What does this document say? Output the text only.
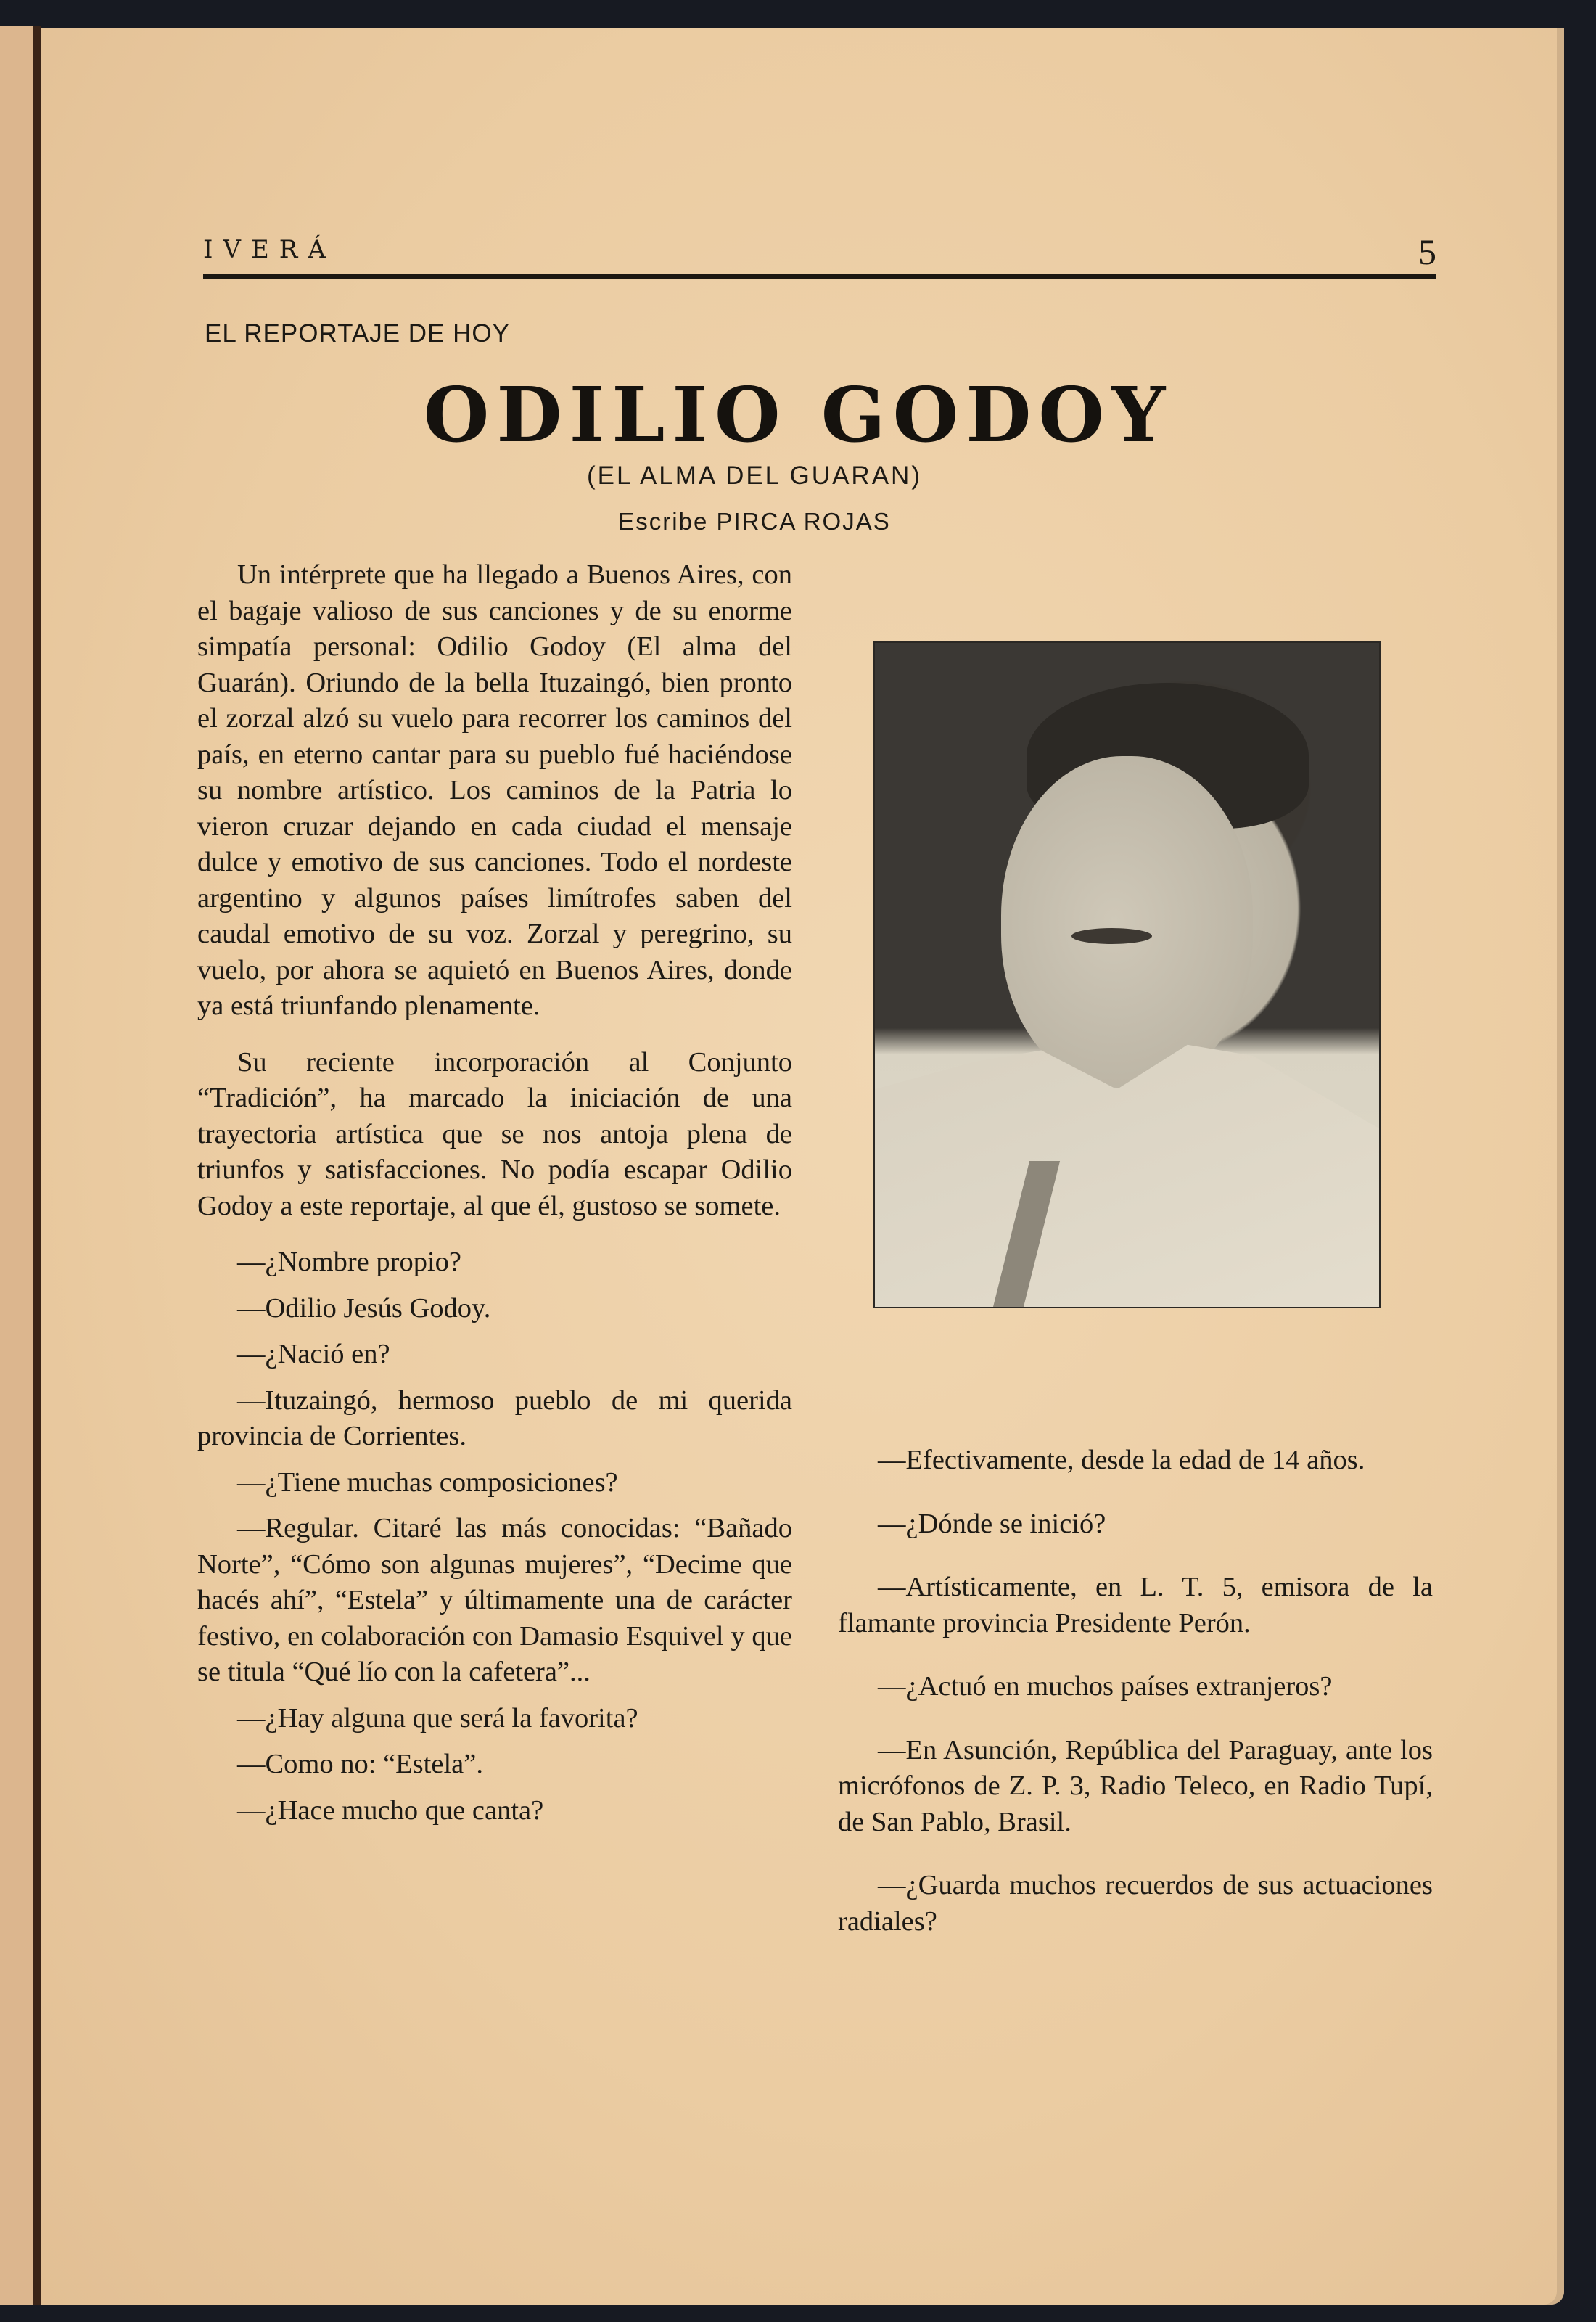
IVERÁ	5
EL REPORTAJE DE HOY
ODILIO GODOY
(EL ALMA DEL GUARAN)
Escribe PIRCA ROJAS

Un intérprete que ha llegado a Buenos Aires, con el bagaje valioso de sus canciones y de su enorme simpatía personal: Odilio Godoy (El alma del Guarán). Oriundo de la bella Ituzaingó, bien pronto el zorzal alzó su vuelo para recorrer los caminos del país, en eterno cantar para su pueblo fué haciéndose su nombre artístico. Los caminos de la Patria lo vieron cruzar dejando en cada ciudad el mensaje dulce y emotivo de sus canciones. Todo el nordeste argentino y algunos países limítrofes saben del caudal emotivo de su voz. Zorzal y peregrino, su vuelo, por ahora se aquietó en Buenos Aires, donde ya está triunfando plenamente.

Su reciente incorporación al Conjunto “Tradición”, ha marcado la iniciación de una trayectoria artística que se nos antoja plena de triunfos y satisfacciones. No podía escapar Odilio Godoy a este reportaje, al que él, gustoso se somete.

—¿Nombre propio?

—Odilio Jesús Godoy.

—¿Nació en?

—Ituzaingó, hermoso pueblo de mi querida provincia de Corrientes.

—¿Tiene muchas composiciones?

—Regular. Citaré las más conocidas: “Bañado Norte”, “Cómo son algunas mujeres”, “Decime que hacés ahí”, “Estela” y últimamente una de carácter festivo, en colaboración con Damasio Esquivel y que se titula “Qué lío con la cafetera”...

—¿Hay alguna que será la favorita?

—Como no: “Estela”.

—¿Hace mucho que canta?

—Efectivamente, desde la edad de 14 años.

—¿Dónde se inició?

—Artísticamente, en L. T. 5, emisora de la flamante provincia Presidente Perón.

—¿Actuó en muchos países extranjeros?

—En Asunción, República del Paraguay, ante los micrófonos de Z. P. 3, Radio Teleco, en Radio Tupí, de San Pablo, Brasil.

—¿Guarda muchos recuerdos de sus actuaciones radiales?
